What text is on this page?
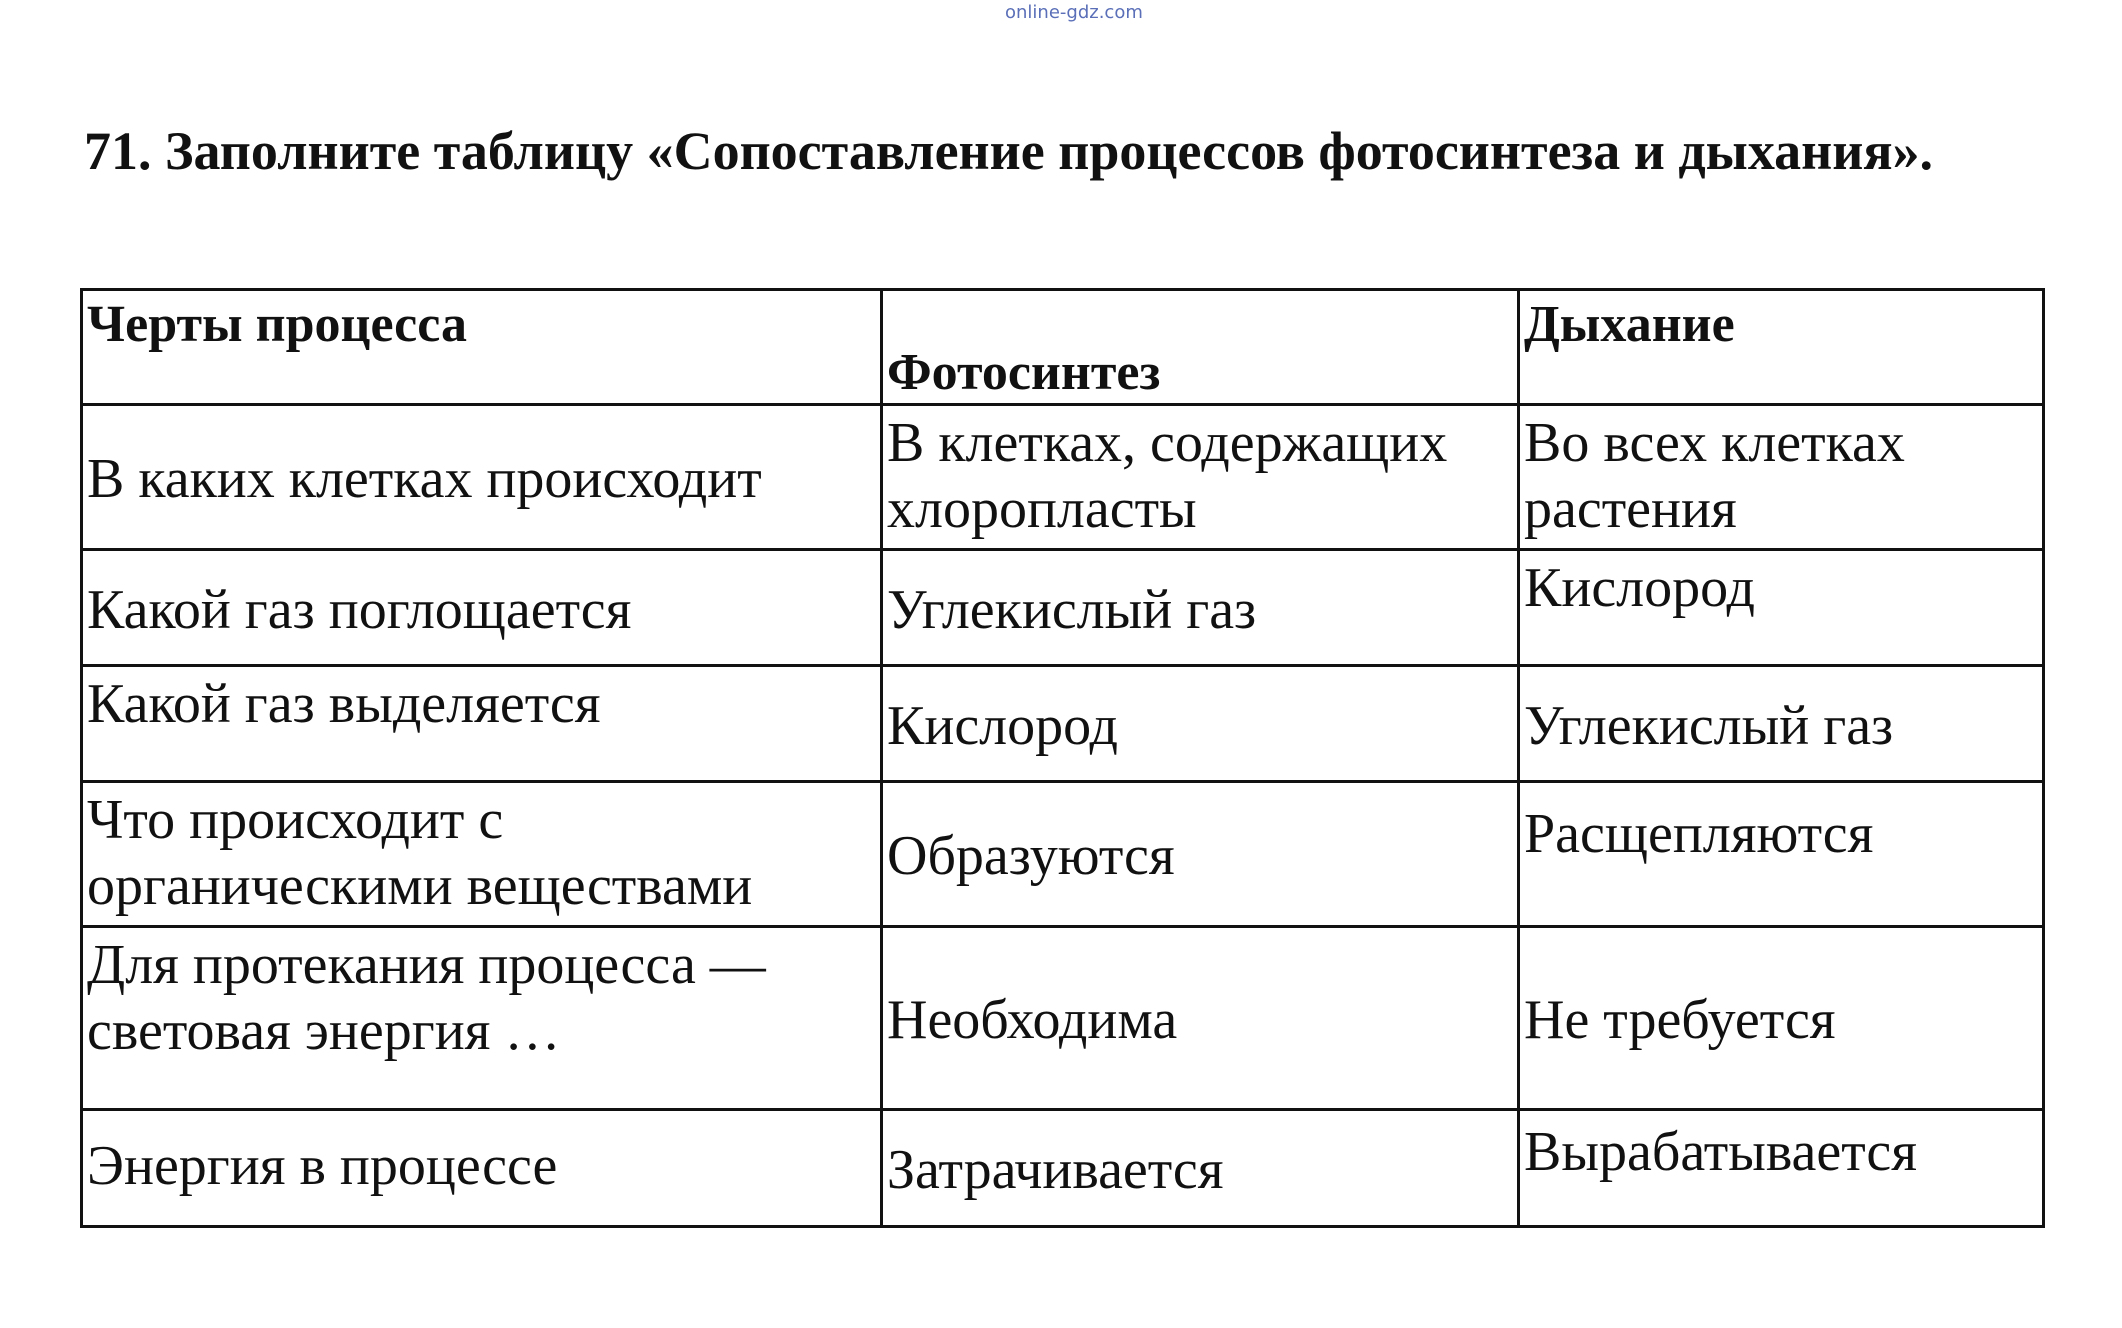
online-gdz.com

71. Заполните таблицу «Сопоставление процессов фотосинтеза и дыхания».

Черты процесса	Фотосинтез	Дыхание
В каких клетках происходит	В клетках, содержащих хлоропласты	Во всех клетках растения
Какой газ поглощается	Углекислый газ	Кислород
Какой газ выделяется	Кислород	Углекислый газ
Что происходит с органическими веществами	Образуются	Расщепляются
Для протекания процесса — световая энергия …	Необходима	Не требуется
Энергия в процессе	Затрачивается	Вырабатывается
